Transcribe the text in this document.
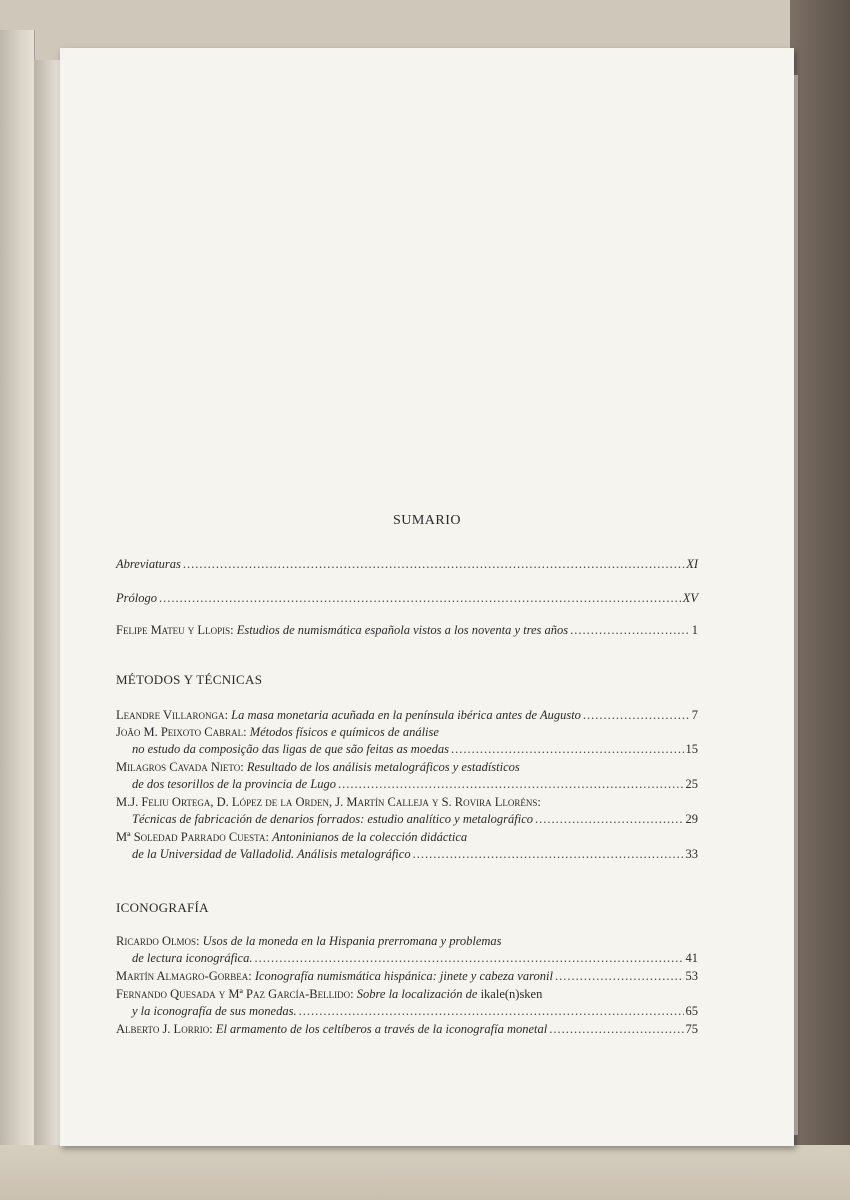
SUMARIO
Abreviaturas .....	XI
Prólogo .....	XV
Felipe Mateu y Llopis: Estudios de numismática española vistos a los noventa y tres años .....	1
MÉTODOS Y TÉCNICAS
Leandre Villaronga: La masa monetaria acuñada en la península ibérica antes de Augusto .....	7
João M. Peixoto Cabral: Métodos físicos e químicos de análise
no estudo da composição das ligas de que são feitas as moedas .....	15
Milagros Cavada Nieto: Resultado de los análisis metalográficos y estadísticos
de dos tesorillos de la provincia de Lugo .....	25
M.J. Feliu Ortega, D. López de la Orden, J. Martín Calleja y S. Rovira Lloréns:
Técnicas de fabricación de denarios forrados: estudio analítico y metalográfico .....	29
Mª Soledad Parrado Cuesta: Antoninianos de la colección didáctica
de la Universidad de Valladolid. Análisis metalográfico .....	33
ICONOGRAFÍA
Ricardo Olmos: Usos de la moneda en la Hispania prerromana y problemas
de lectura iconográfica. .....	41
Martín Almagro-Gorbea: Iconografía numismática hispánica: jinete y cabeza varonil .....	53
Fernando Quesada y Mª Paz García-Bellido: Sobre la localización de ikale(n)sken
y la iconografía de sus monedas. .....	65
Alberto J. Lorrio: El armamento de los celtíberos a través de la iconografía monetal .....	75
